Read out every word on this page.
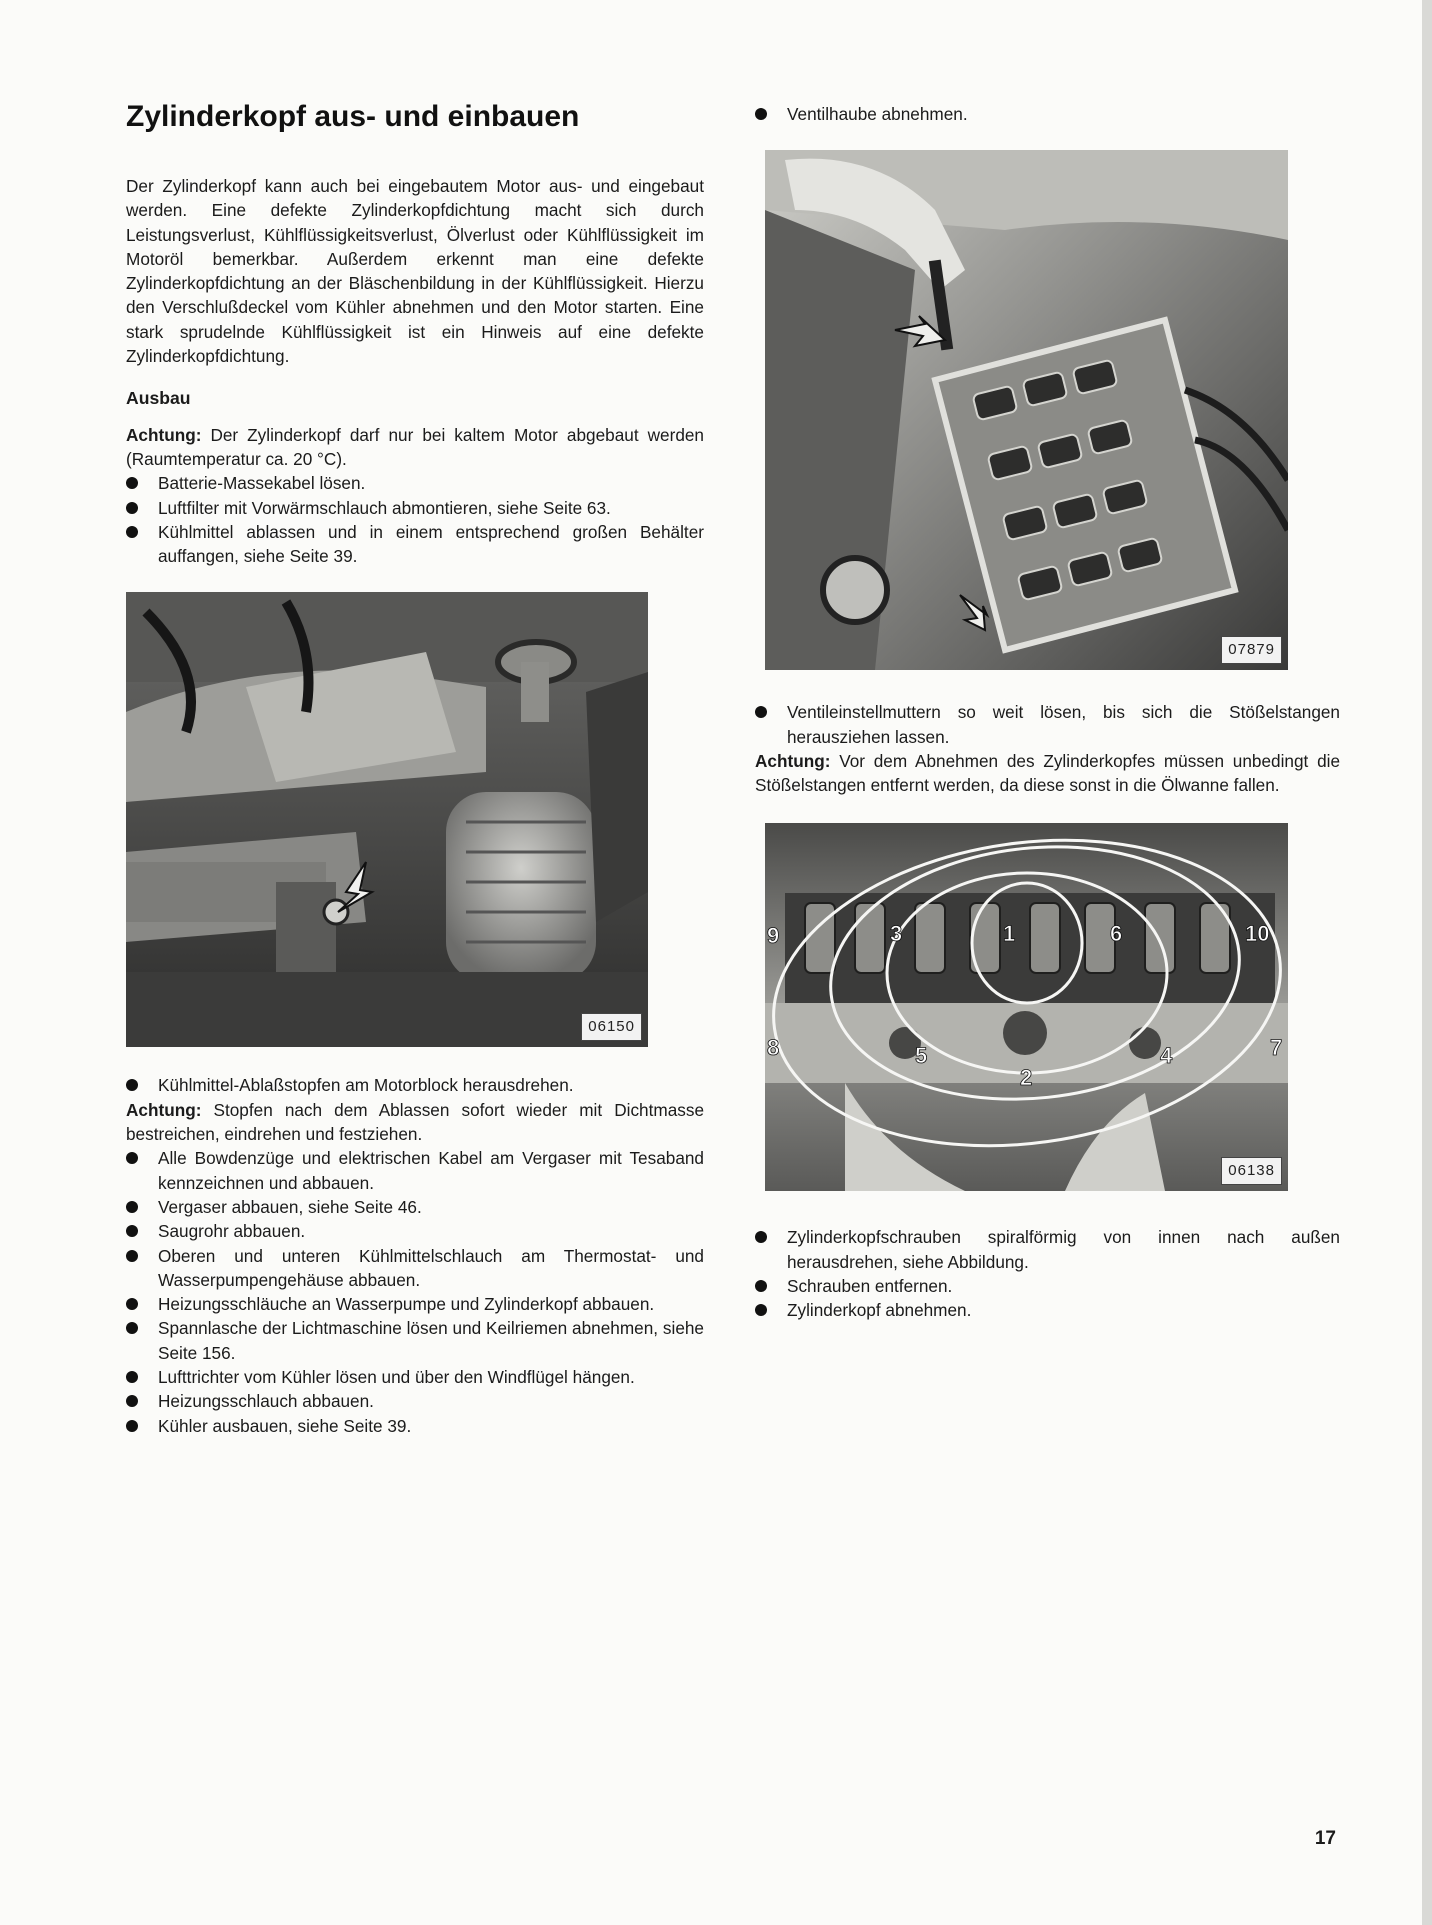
Zylinderkopf aus- und einbauen

Der Zylinderkopf kann auch bei eingebautem Motor aus- und eingebaut werden. Eine defekte Zylinderkopfdichtung macht sich durch Leistungsverlust, Kühlflüssigkeitsverlust, Ölverlust oder Kühlflüssigkeit im Motoröl bemerkbar. Außerdem erkennt man eine defekte Zylinderkopfdichtung an der Bläschenbildung in der Kühlflüssigkeit. Hierzu den Verschlußdeckel vom Kühler abnehmen und den Motor starten. Eine stark sprudelnde Kühlflüssigkeit ist ein Hinweis auf eine defekte Zylinderkopfdichtung.

Ausbau

Achtung: Der Zylinderkopf darf nur bei kaltem Motor abgebaut werden (Raumtemperatur ca. 20 °C).

Batterie-Massekabel lösen.

Luftfilter mit Vorwärmschlauch abmontieren, siehe Seite 63.

Kühlmittel ablassen und in einem entsprechend großen Behälter auffangen, siehe Seite 39.

06150

Kühlmittel-Ablaßstopfen am Motorblock herausdrehen.

Achtung: Stopfen nach dem Ablassen sofort wieder mit Dichtmasse bestreichen, eindrehen und festziehen.

Alle Bowdenzüge und elektrischen Kabel am Vergaser mit Tesaband kennzeichnen und abbauen.

Vergaser abbauen, siehe Seite 46.

Saugrohr abbauen.

Oberen und unteren Kühlmittelschlauch am Thermostat- und Wasserpumpengehäuse abbauen.

Heizungsschläuche an Wasserpumpe und Zylinderkopf abbauen.

Spannlasche der Lichtmaschine lösen und Keilriemen abnehmen, siehe Seite 156.

Lufttrichter vom Kühler lösen und über den Windflügel hängen.

Heizungsschlauch abbauen.

Kühler ausbauen, siehe Seite 39.

Ventilhaube abnehmen.

07879

Ventileinstellmuttern so weit lösen, bis sich die Stößelstangen herausziehen lassen.

Achtung: Vor dem Abnehmen des Zylinderkopfes müssen unbedingt die Stößelstangen entfernt werden, da diese sonst in die Ölwanne fallen.

9	3	1	6	10
8	5
2
4	7
06138

Zylinderkopfschrauben spiralförmig von innen nach außen herausdrehen, siehe Abbildung.

Schrauben entfernen.

Zylinderkopf abnehmen.

17
